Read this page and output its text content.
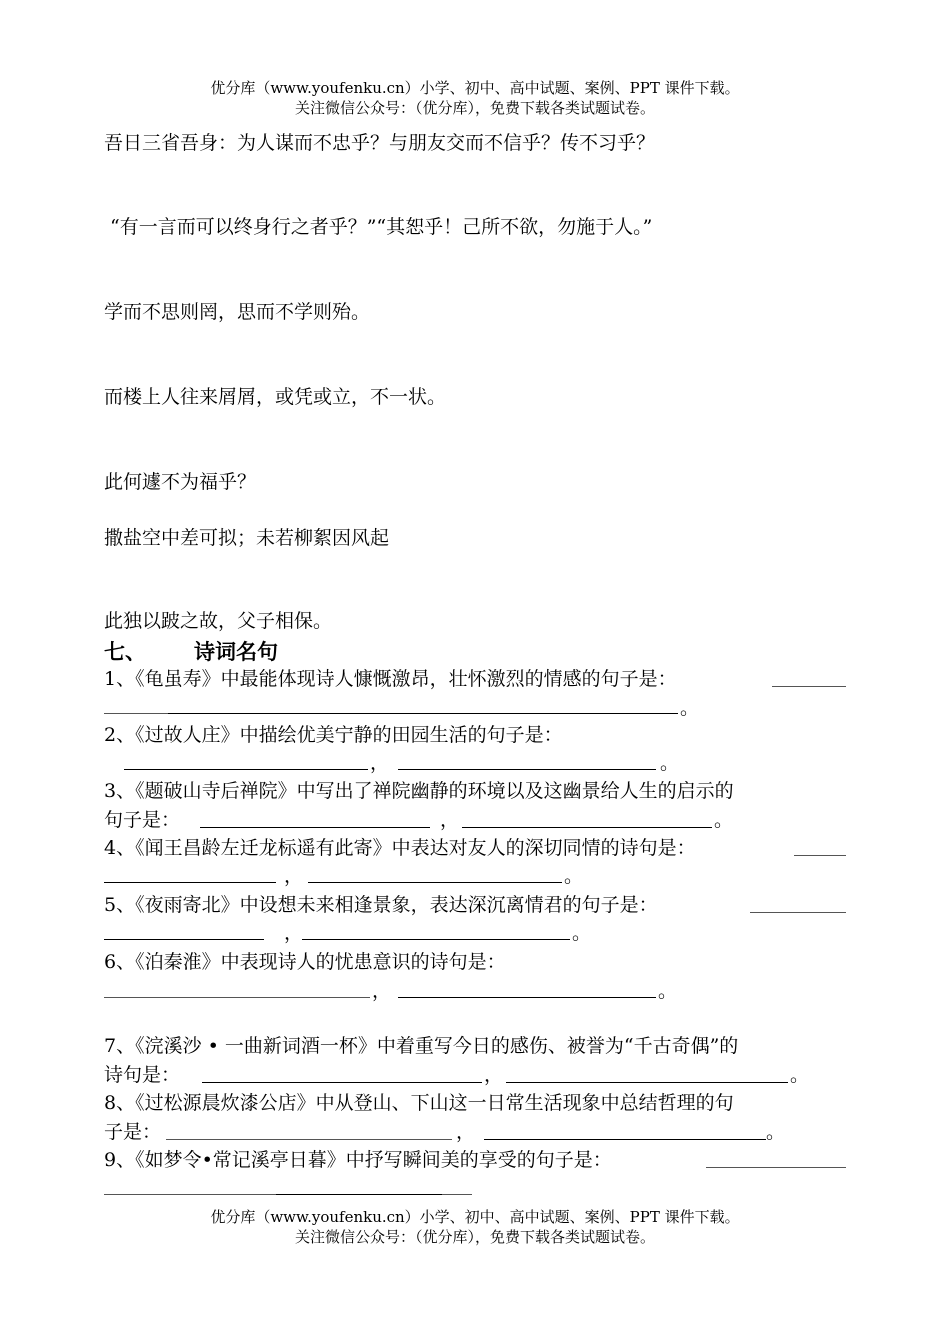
优分库（www.youfenku.cn）小学、初中、高中试题、案例、PPT 课件下载。
关注微信公众号：（优分库），免费下载各类试题试卷。
吾日三省吾身：为人谋而不忠乎？与朋友交而不信乎？传不习乎？
“有一言而可以终身行之者乎？”“其恕乎！己所不欲，勿施于人。”
学而不思则罔，思而不学则殆。
而楼上人往来屑屑，或凭或立，不一状。
此何遽不为福乎？
撒盐空中差可拟；未若柳絮因风起
此独以跛之故，父子相保。
七、 诗词名句
1、《龟虽寿》中最能体现诗人慷慨激昂，壮怀激烈的情感的句子是：
。
2、《过故人庄》中描绘优美宁静的田园生活的句子是：
，	。
3、《题破山寺后禅院》中写出了禅院幽静的环境以及这幽景给人生的启示的
句子是：	，	。
4、《闻王昌龄左迁龙标遥有此寄》中表达对友人的深切同情的诗句是：
，	。
5、《夜雨寄北》中设想未来相逢景象，表达深沉离情君的句子是：
，	。
6、《泊秦淮》中表现诗人的忧患意识的诗句是：
，	。
7、《浣溪沙 • 一曲新词酒一杯》中着重写今日的感伤、被誉为“千古奇偶”的
诗句是：	，	。
8、《过松源晨炊漆公店》中从登山、下山这一日常生活现象中总结哲理的句
子是：	，	。
9、《如梦令•常记溪亭日暮》中抒写瞬间美的享受的句子是：
优分库（www.youfenku.cn）小学、初中、高中试题、案例、PPT 课件下载。
关注微信公众号：（优分库），免费下载各类试题试卷。
